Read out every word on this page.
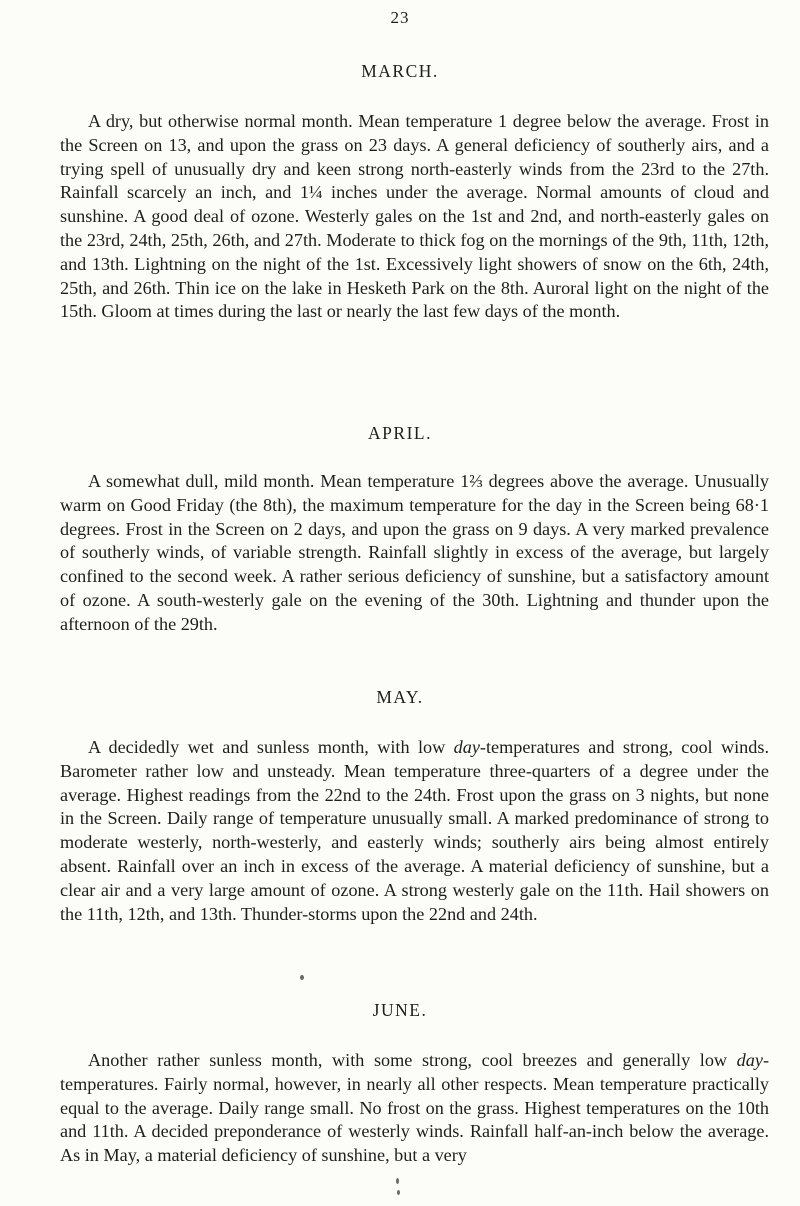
23
MARCH.

A dry, but otherwise normal month. Mean temperature 1 degree below the average. Frost in the Screen on 13, and upon the grass on 23 days. A general deficiency of southerly airs, and a trying spell of unusually dry and keen strong north-easterly winds from the 23rd to the 27th. Rainfall scarcely an inch, and 1¼ inches under the average. Normal amounts of cloud and sunshine. A good deal of ozone. Westerly gales on the 1st and 2nd, and north-easterly gales on the 23rd, 24th, 25th, 26th, and 27th. Moderate to thick fog on the mornings of the 9th, 11th, 12th, and 13th. Lightning on the night of the 1st. Excessively light showers of snow on the 6th, 24th, 25th, and 26th. Thin ice on the lake in Hesketh Park on the 8th. Auroral light on the night of the 15th. Gloom at times during the last or nearly the last few days of the month.

APRIL.

A somewhat dull, mild month. Mean temperature 1⅔ degrees above the average. Unusually warm on Good Friday (the 8th), the maximum temperature for the day in the Screen being 68·1 degrees. Frost in the Screen on 2 days, and upon the grass on 9 days. A very marked prevalence of southerly winds, of variable strength. Rainfall slightly in excess of the average, but largely confined to the second week. A rather serious deficiency of sunshine, but a satisfactory amount of ozone. A south-westerly gale on the evening of the 30th. Lightning and thunder upon the afternoon of the 29th.

MAY.

A decidedly wet and sunless month, with low day-temperatures and strong, cool winds. Barometer rather low and unsteady. Mean temperature three-quarters of a degree under the average. Highest readings from the 22nd to the 24th. Frost upon the grass on 3 nights, but none in the Screen. Daily range of temperature unusually small. A marked predominance of strong to moderate westerly, north-westerly, and easterly winds; southerly airs being almost entirely absent. Rainfall over an inch in excess of the average. A material deficiency of sunshine, but a clear air and a very large amount of ozone. A strong westerly gale on the 11th. Hail showers on the 11th, 12th, and 13th. Thunder-storms upon the 22nd and 24th.

JUNE.

Another rather sunless month, with some strong, cool breezes and generally low day-temperatures. Fairly normal, however, in nearly all other respects. Mean temperature practically equal to the average. Daily range small. No frost on the grass. Highest temperatures on the 10th and 11th. A decided preponderance of westerly winds. Rainfall half-an-inch below the average. As in May, a material deficiency of sunshine, but a very
